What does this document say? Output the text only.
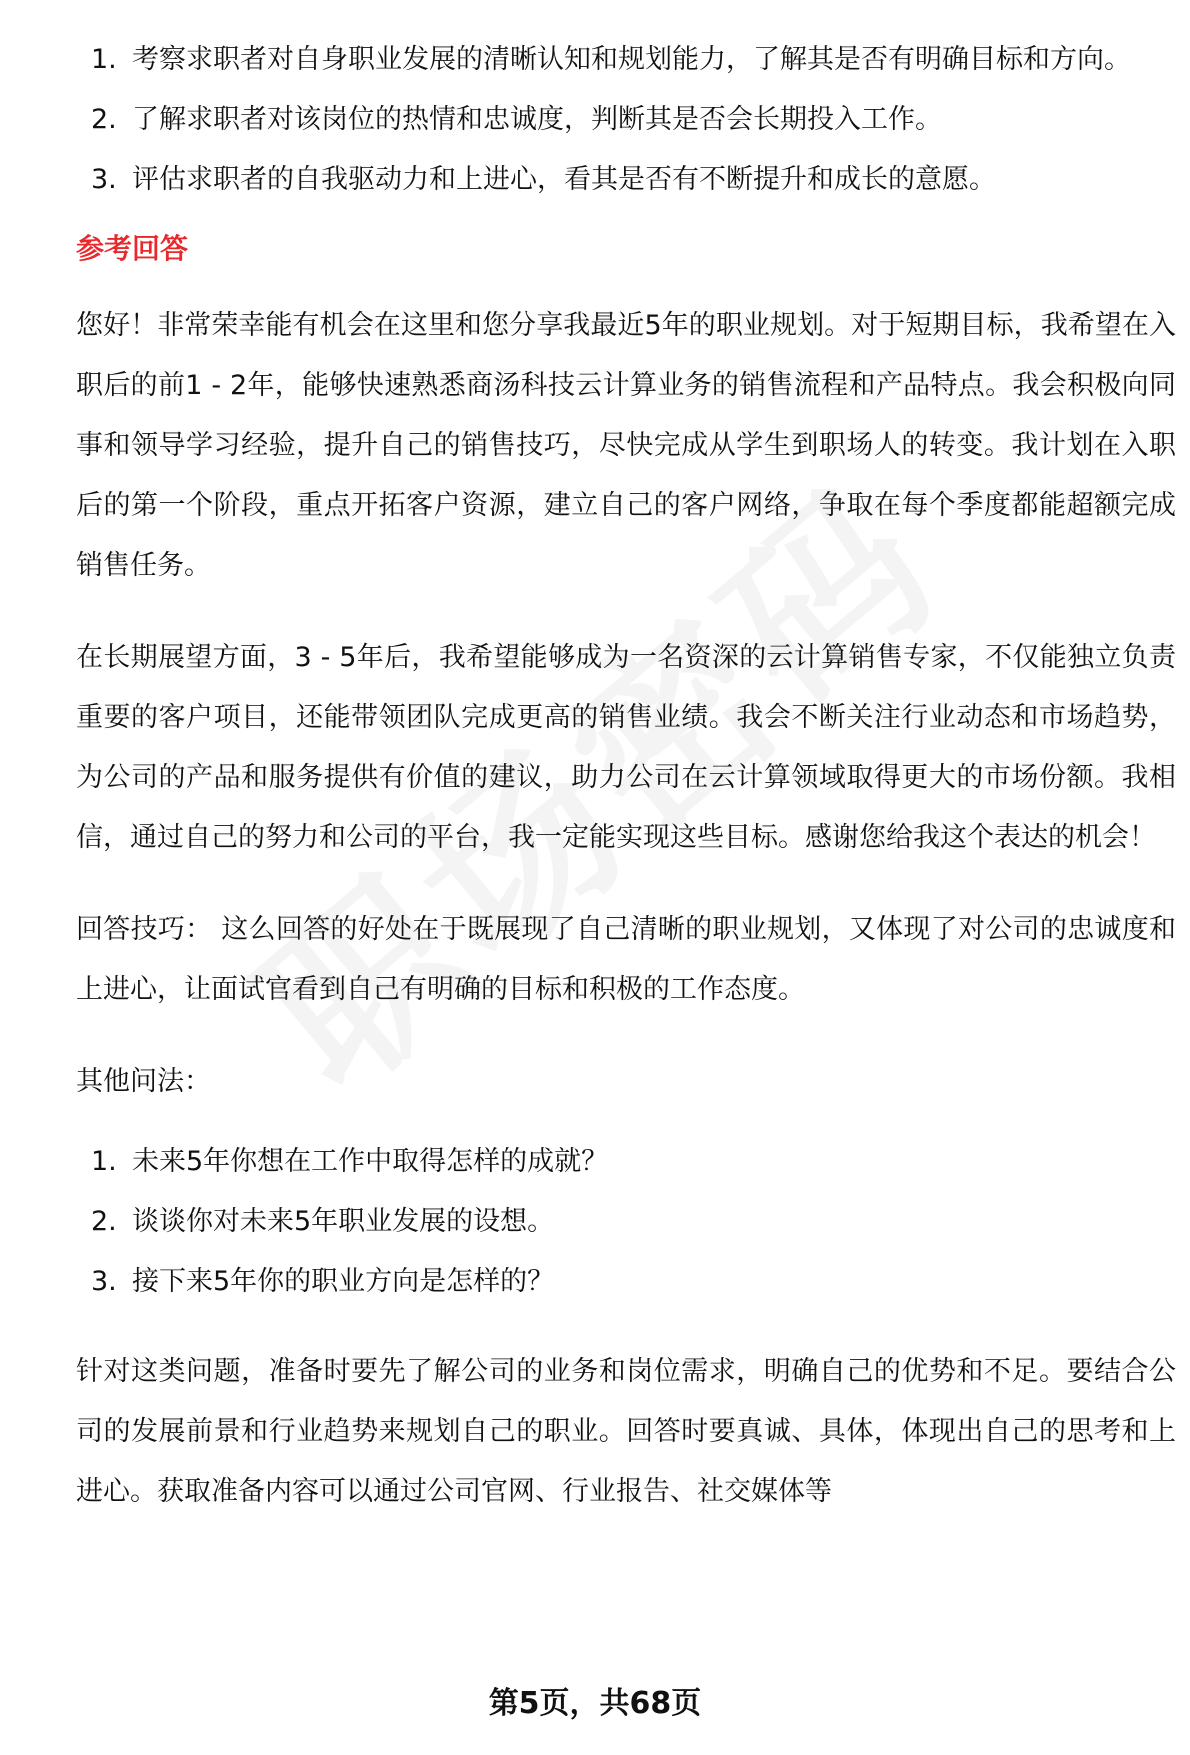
1. 考察求职者对自身职业发展的清晰认知和规划能力，了解其是否有明确目标和方向。
2. 了解求职者对该岗位的热情和忠诚度，判断其是否会长期投入工作。
3. 评估求职者的自我驱动力和上进心，看其是否有不断提升和成长的意愿。
参考回答

您好！非常荣幸能有机会在这里和您分享我最近5年的职业规划。对于短期目标，我希望在入职后的前1 - 2年，能够快速熟悉商汤科技云计算业务的销售流程和产品特点。我会积极向同事和领导学习经验，提升自己的销售技巧，尽快完成从学生到职场人的转变。我计划在入职后的第一个阶段，重点开拓客户资源，建立自己的客户网络，争取在每个季度都能超额完成销售任务。

在长期展望方面，3 - 5年后，我希望能够成为一名资深的云计算销售专家，不仅能独立负责重要的客户项目，还能带领团队完成更高的销售业绩。我会不断关注行业动态和市场趋势，为公司的产品和服务提供有价值的建议，助力公司在云计算领域取得更大的市场份额。我相信，通过自己的努力和公司的平台，我一定能实现这些目标。感谢您给我这个表达的机会！

回答技巧： 这么回答的好处在于既展现了自己清晰的职业规划，又体现了对公司的忠诚度和上进心，让面试官看到自己有明确的目标和积极的工作态度。

其他问法：

1. 未来5年你想在工作中取得怎样的成就？
2. 谈谈你对未来5年职业发展的设想。
3. 接下来5年你的职业方向是怎样的？

针对这类问题，准备时要先了解公司的业务和岗位需求，明确自己的优势和不足。要结合公司的发展前景和行业趋势来规划自己的职业。回答时要真诚、具体，体现出自己的思考和上进心。获取准备内容可以通过公司官网、行业报告、社交媒体等

第5页，共68页
